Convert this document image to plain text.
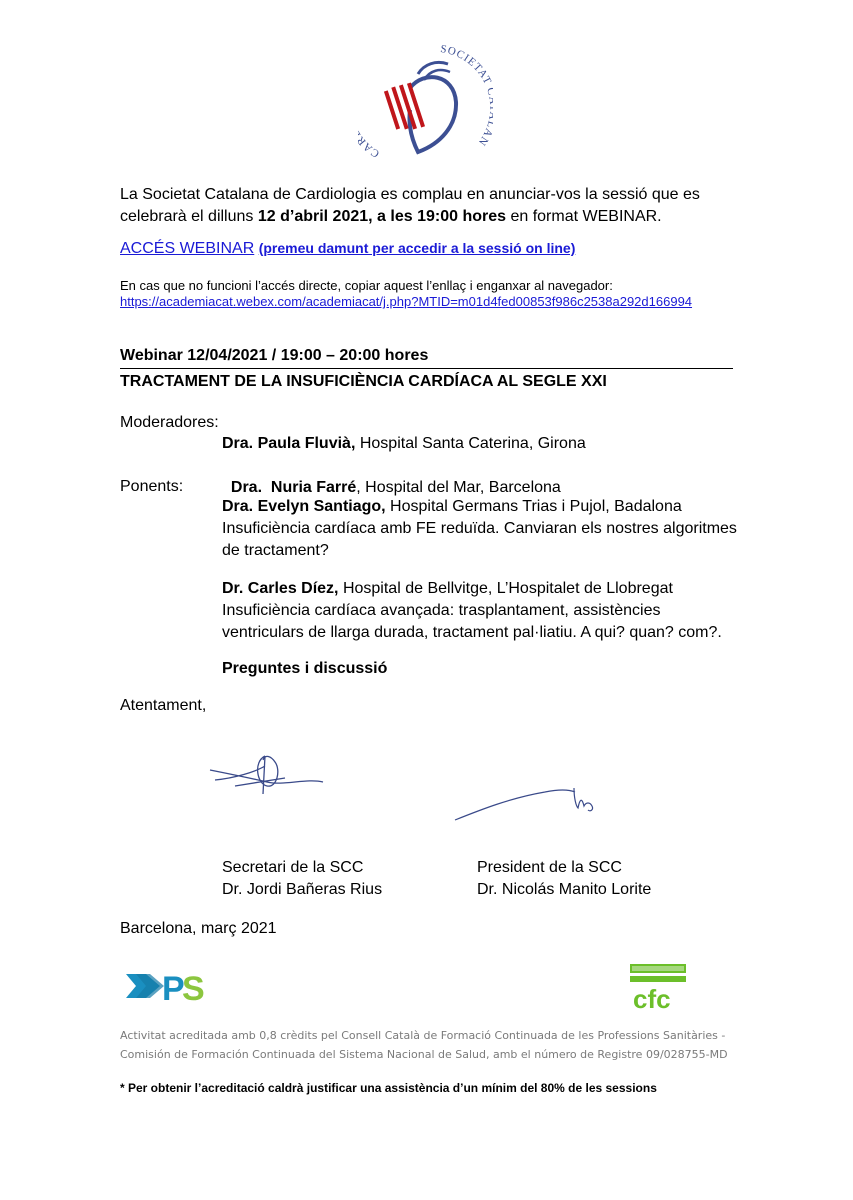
CA
SOCIETAT N
La Societat Catalana de Cardiologia es complau en anunciar-vos la sessió que es
celebrarà el dilluns 12 d’abril 2021, a les 19:00 hores en format WEBINAR.
ACCÉS WEBINAR (premeu damunt per accedir a la sessió on line)
En cas que no funcioni l’accés directe, copiar aquest l’enllaç i enganxar al navegador:
https://academiacat.webex.com/academiacat/j.php?MTID=m01d4fed00853f986c2538a292d166994
Webinar 12/04/2021 / 19:00 – 20:00 hores
TRACTAMENT DE LA INSUFICIÈNCIA CARDÍACA AL SEGLE XXI
Moderadores:
Dra. Paula Fluvià, Hospital Santa Caterina, Girona

Dra.  Nuria Farré, Hospital del Mar, Barcelona

Ponents:
Dra. Evelyn Santiago, Hospital Germans Trias i Pujol, Badalona
Insuficiència cardíaca amb FE reduïda. Canviaran els nostres algoritmes
de tractament?
Dr. Carles Díez, Hospital de Bellvitge, L’Hospitalet de Llobregat
Insuficiència cardíaca avançada: trasplantament, assistències
ventriculars de llarga durada, tractament pal·liatiu. A qui? quan? com?.
Preguntes i discussió
Atentament,
Secretari de la SCC
Dr. Jordi Bañeras Rius
President de la SCC
Dr. Nicolás Manito Lorite
Barcelona, març 2021
P
S	cfc
Activitat acreditada amb 0,8 crèdits pel Consell Català de Formació Continuada de les Professions Sanitàries -
Comisión de Formación Continuada del Sistema Nacional de Salud, amb el número de Registre 09/028755-MD
* Per obtenir l’acreditació caldrà justificar una assistència d’un mínim del 80% de les sessions
